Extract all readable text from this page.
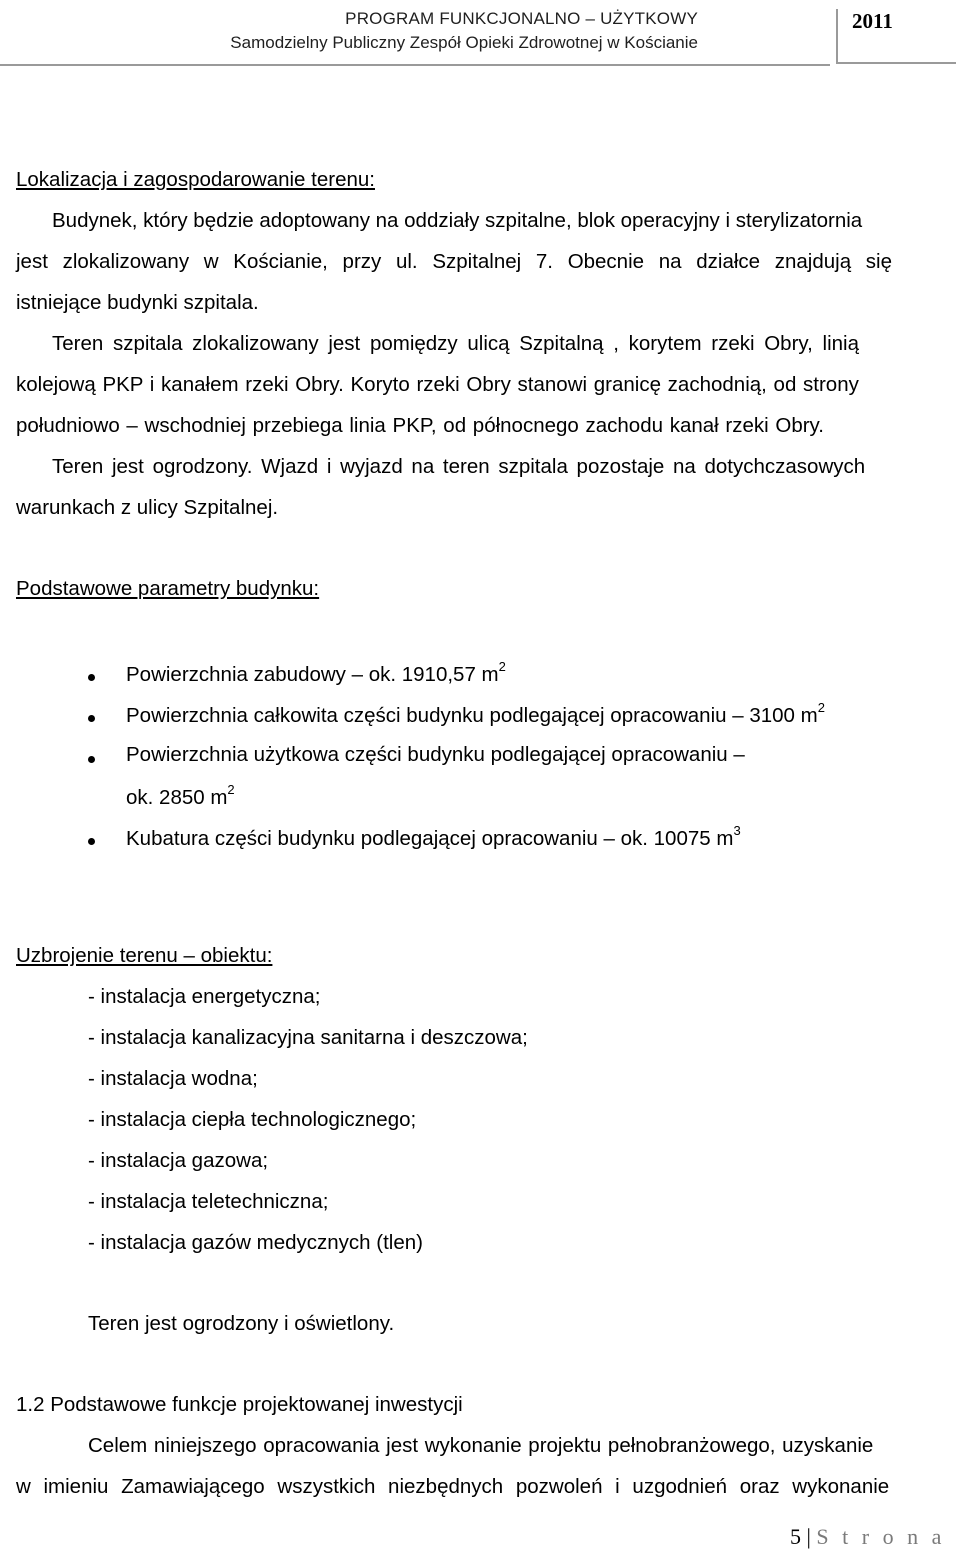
PROGRAM FUNKCJONALNO – UŻYTKOWY
Samodzielny Publiczny Zespół Opieki Zdrowotnej w Kościanie
2011
Lokalizacja i zagospodarowanie terenu:
Budynek, który będzie adoptowany na oddziały szpitalne, blok operacyjny i sterylizatornia
jest zlokalizowany w Kościanie, przy ul. Szpitalnej 7. Obecnie na działce znajdują się
istniejące budynki szpitala.
Teren szpitala zlokalizowany jest pomiędzy ulicą Szpitalną , korytem rzeki Obry, linią
kolejową PKP i kanałem rzeki Obry. Koryto rzeki Obry stanowi granicę zachodnią, od strony
południowo – wschodniej przebiega linia PKP, od północnego zachodu kanał rzeki Obry.
Teren jest ogrodzony. Wjazd i wyjazd na teren szpitala pozostaje na dotychczasowych
warunkach z ulicy Szpitalnej.
Podstawowe parametry budynku:
Powierzchnia zabudowy – ok. 1910,57 $m^2$
Powierzchnia całkowita części budynku podlegającej opracowaniu – 3100 $m^2$
Powierzchnia użytkowa części budynku podlegającej opracowaniu –
ok. 2850 $m^2$
Kubatura części budynku podlegającej opracowaniu – ok. 10075 $m^3$
Uzbrojenie terenu – obiektu:
- instalacja energetyczna;
- instalacja kanalizacyjna sanitarna i deszczowa;
- instalacja wodna;
- instalacja ciepła technologicznego;
- instalacja gazowa;
- instalacja teletechniczna;
- instalacja gazów medycznych (tlen)
Teren jest ogrodzony i oświetlony.
1.2 Podstawowe funkcje projektowanej inwestycji
Celem niniejszego opracowania jest wykonanie projektu pełnobranżowego, uzyskanie
w imieniu Zamawiającego wszystkich niezbędnych pozwoleń i uzgodnień oraz wykonanie
5 | S t r o n a
